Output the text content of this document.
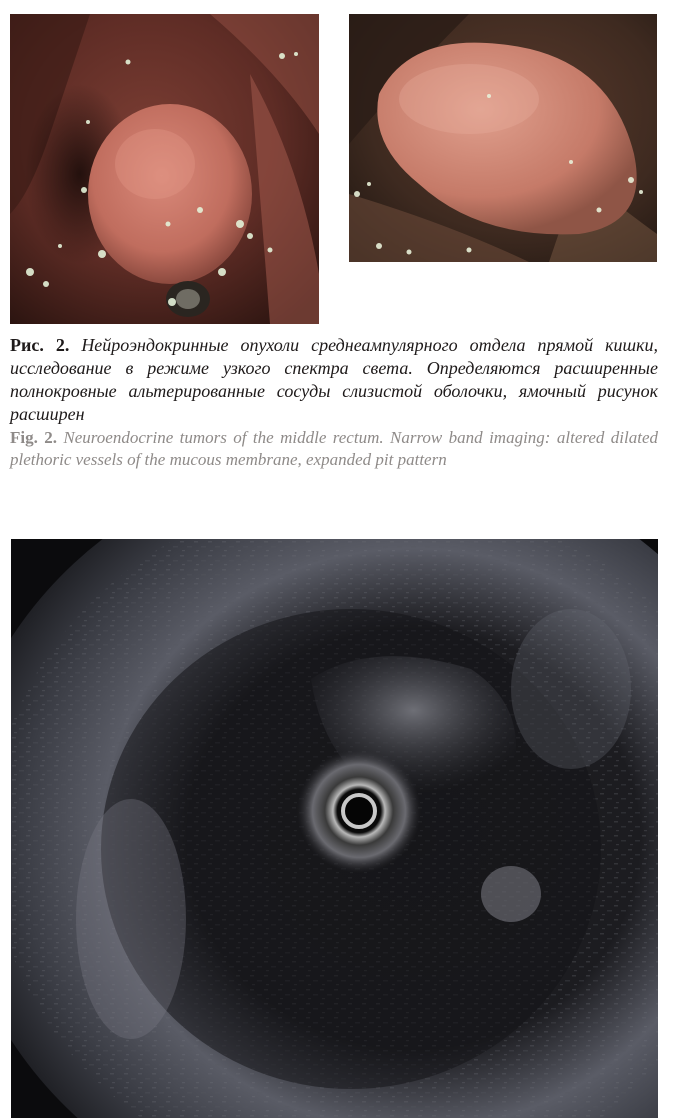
Рис. 2. Нейроэндокринные опухоли среднеампулярного отдела прямой кишки, исследование в режиме узкого спектра света. Определяются расширенные полнокровные альтерированные сосуды слизистой оболочки, ямочный рисунок расширен
Fig. 2. Neuroendocrine tumors of the middle rectum. Narrow band imaging: altered dilated plethoric vessels of the mucous membrane, expanded pit pattern
